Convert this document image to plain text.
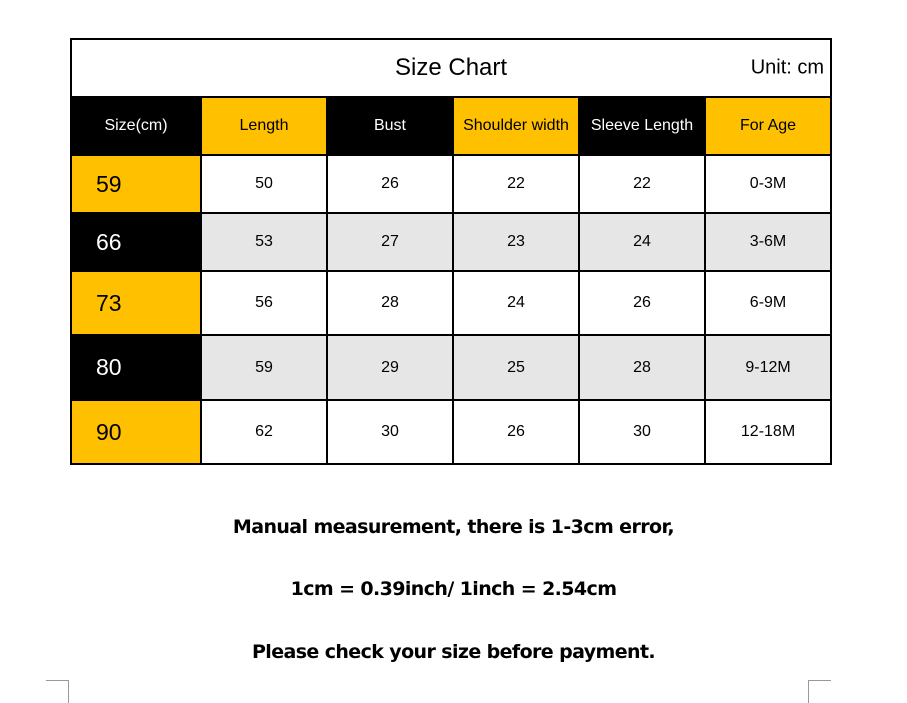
Size Chart Unit: cm					

Size(cm)	Length	Bust	Shoulder width	Sleeve Length	For Age
59	50	26	22	22	0-3M
66	53	27	23	24	3-6M
73	56	28	24	26	6-9M
80	59	29	25	28	9-12M
90	62	30	26	30	12-18M
Manual measurement, there is 1-3cm error,
1cm = 0.39inch/ 1inch = 2.54cm
Please check your size before payment.
